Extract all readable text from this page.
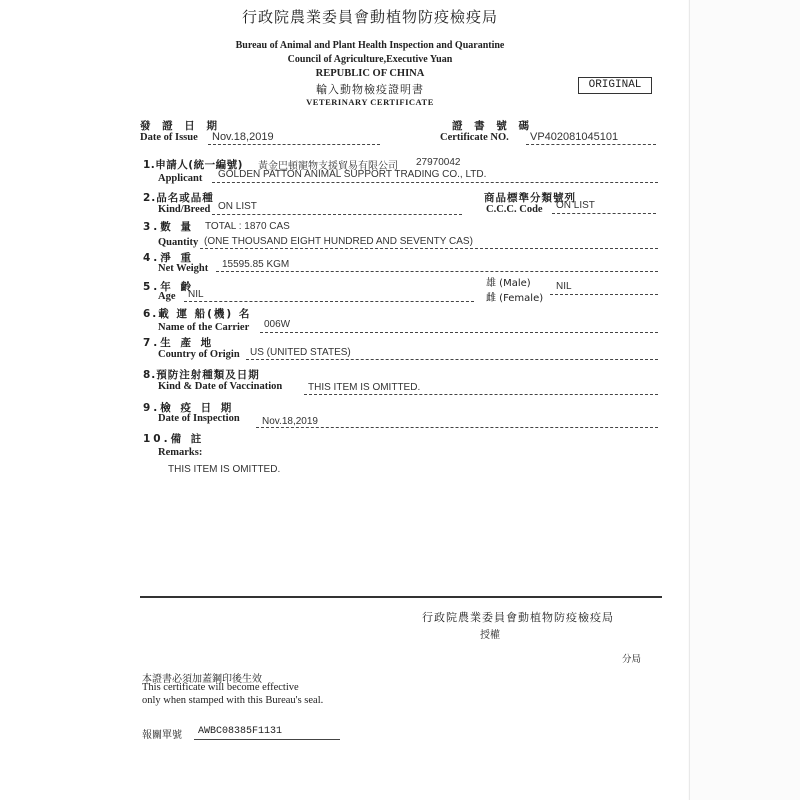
行政院農業委員會動植物防疫檢疫局
Bureau of Animal and Plant Health Inspection and Quarantine
Council of Agriculture,Executive Yuan
REPUBLIC OF CHINA
輸入動物檢疫證明書
VETERINARY CERTIFICATE
ORIGINAL
發 證 日 期
Date of Issue Nov.18,2019
證 書 號 碼
Certificate NO. VP402081045101
1.申請人(統一編號) 黃金巴頓寵物支援貿易有限公司 27970042
Applicant GOLDEN PATTON ANIMAL SUPPORT TRADING CO., LTD.
2.品名或品種
Kind/Breed ON LIST
商品標準分類號列
C.C.C. Code ON LIST
3.數 量 TOTAL : 1870 CAS
Quantity (ONE THOUSAND EIGHT HUNDRED AND SEVENTY CAS)
4.淨 重
Net Weight 15595.85 KGM
5.年 齡
Age NIL
雄 (Male)
雌 (Female)
NIL
6.載 運 船(機) 名
Name of the Carrier 006W
7.生 產 地
Country of Origin US (UNITED STATES)
8.預防注射種類及日期
Kind & Date of Vaccination	THIS ITEM IS OMITTED.
9.檢 疫 日 期
Date of Inspection Nov.18,2019
10.備 註
Remarks:
THIS ITEM IS OMITTED.
行政院農業委員會動植物防疫檢疫局
授權
分局
本證書必須加蓋鋼印後生效
This certificate will become effective
only when stamped with this Bureau's seal.
報關單號 AWBC08385F1131
